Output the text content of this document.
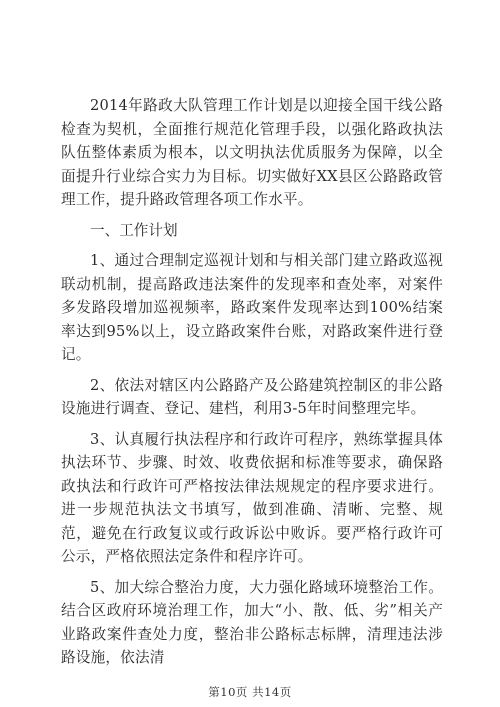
2014年路政大队管理工作计划是以迎接全国干线公路检查为契机，全面推行规范化管理手段，以强化路政执法队伍整体素质为根本，以文明执法优质服务为保障，以全面提升行业综合实力为目标。切实做好XX县区公路路政管理工作，提升路政管理各项工作水平。

一、工作计划

1、通过合理制定巡视计划和与相关部门建立路政巡视联动机制，提高路政违法案件的发现率和查处率，对案件多发路段增加巡视频率，路政案件发现率达到100%结案率达到95%以上，设立路政案件台账，对路政案件进行登记。

2、依法对辖区内公路路产及公路建筑控制区的非公路设施进行调查、登记、建档，利用3-5年时间整理完毕。

3、认真履行执法程序和行政许可程序，熟练掌握具体执法环节、步骤、时效、收费依据和标准等要求，确保路政执法和行政许可严格按法律法规规定的程序要求进行。进一步规范执法文书填写，做到准确、清晰、完整、规范，避免在行政复议或行政诉讼中败诉。要严格行政许可公示，严格依照法定条件和程序许可。

5、加大综合整治力度，大力强化路域环境整治工作。结合区政府环境治理工作，加大“小、散、低、劣”相关产业路政案件查处力度，整治非公路标志标牌，清理违法涉路设施，依法清

第10页 共14页
